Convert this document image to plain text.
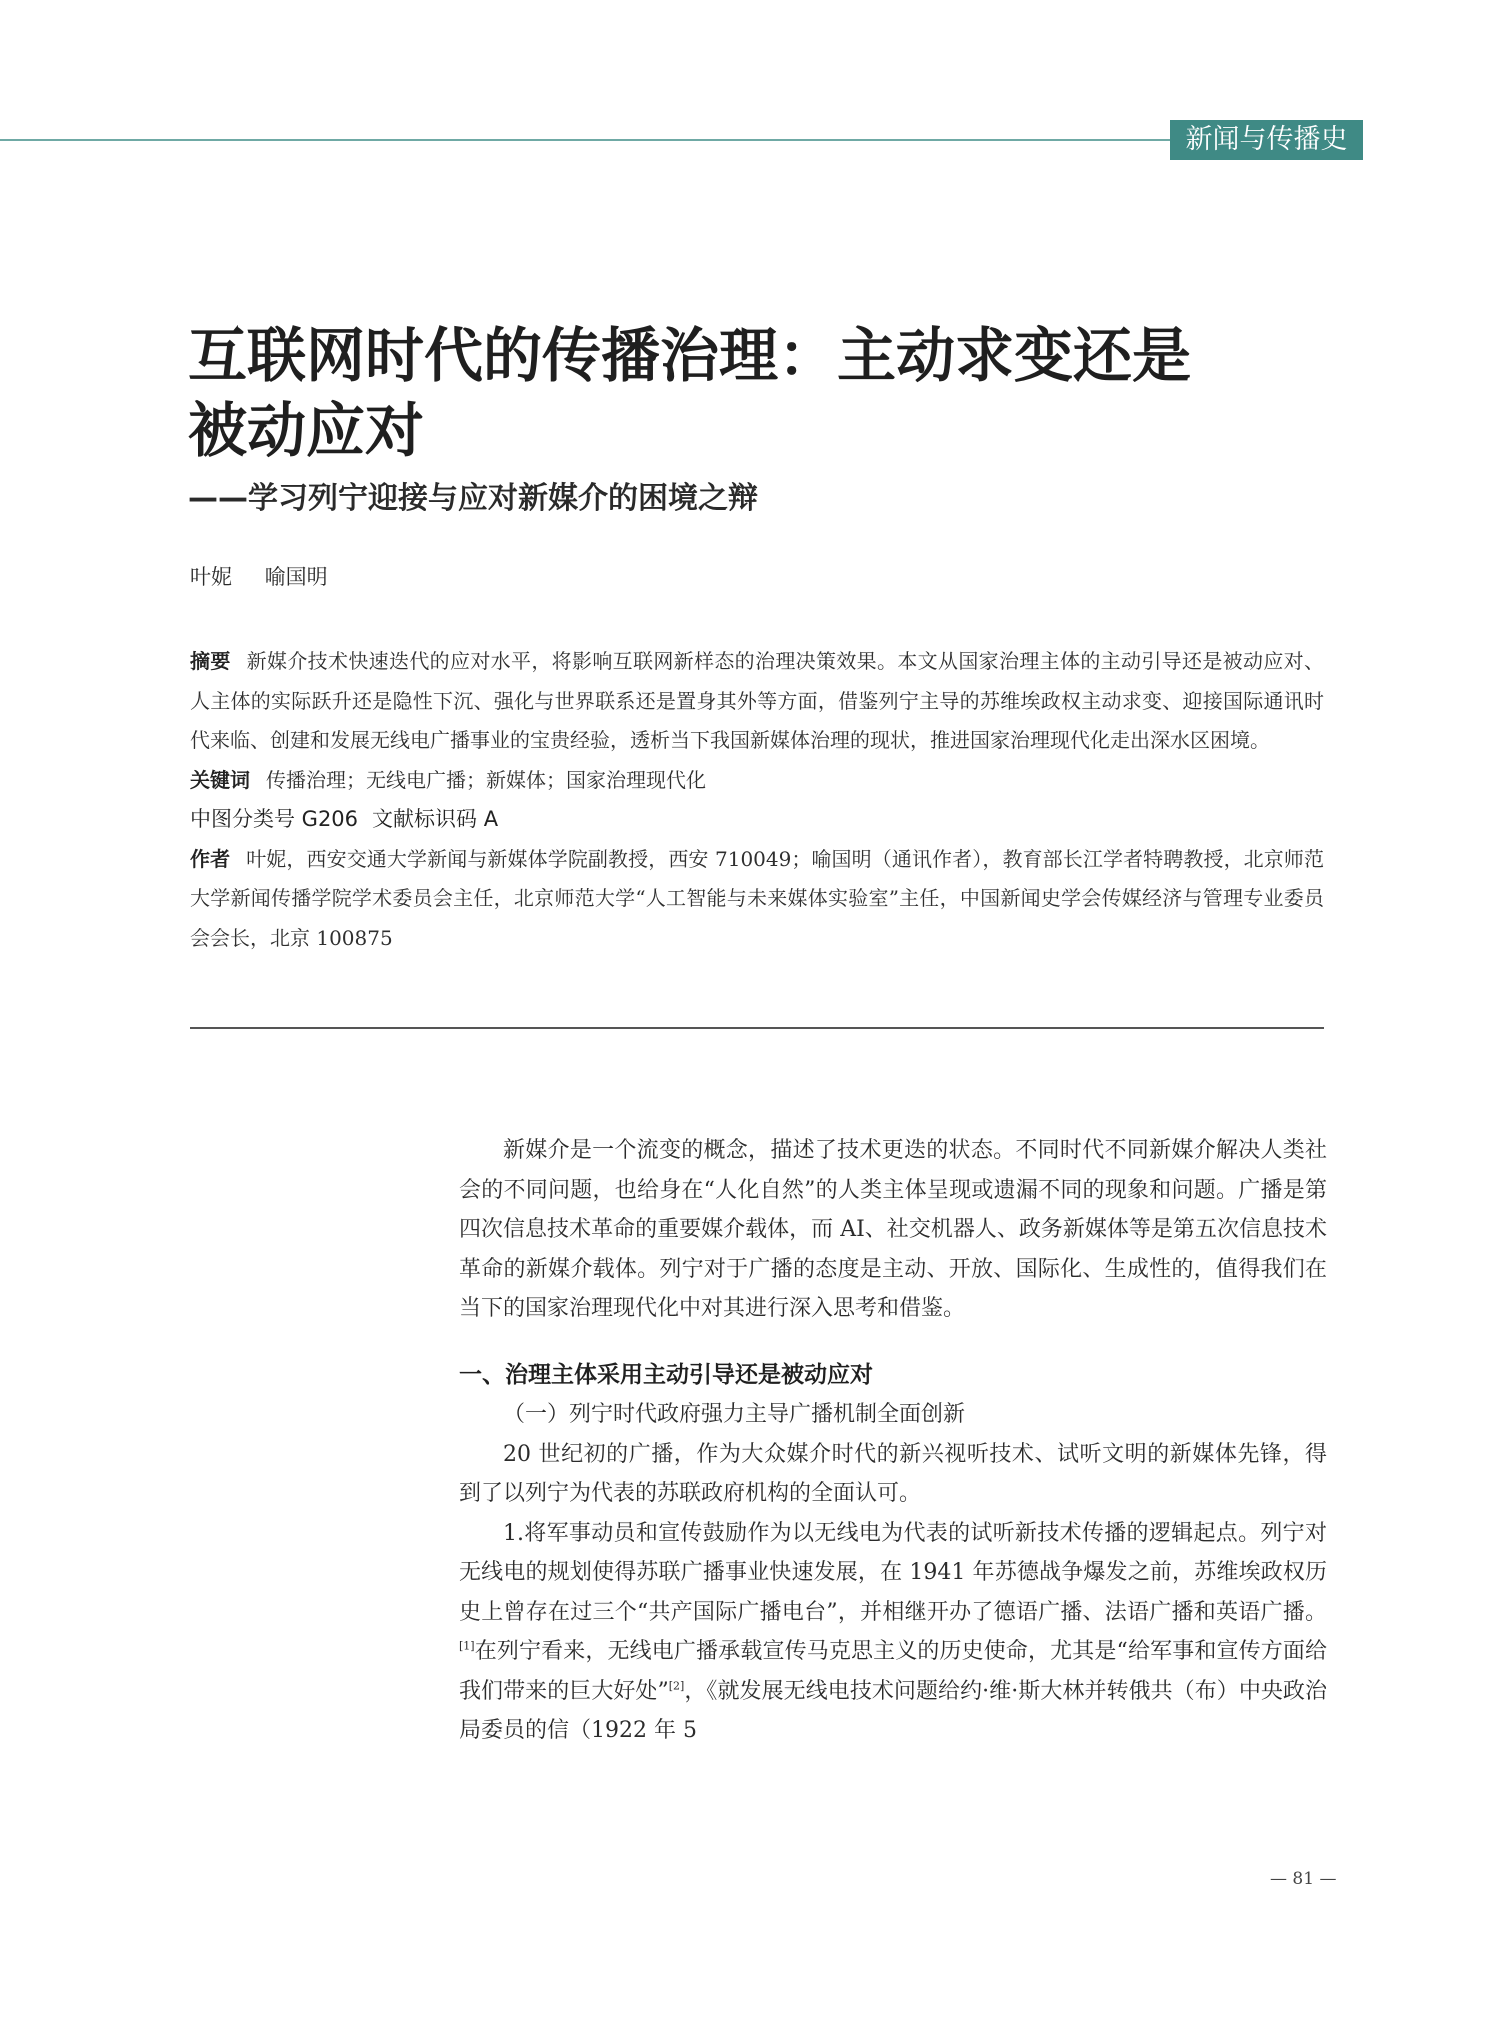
新闻与传播史
互联网时代的传播治理：主动求变还是
被动应对
——学习列宁迎接与应对新媒介的困境之辩
叶妮 喻国明

摘要 新媒介技术快速迭代的应对水平，将影响互联网新样态的治理决策效果。本文从国家治理主体的主动引导还是被动应对、人主体的实际跃升还是隐性下沉、强化与世界联系还是置身其外等方面，借鉴列宁主导的苏维埃政权主动求变、迎接国际通讯时代来临、创建和发展无线电广播事业的宝贵经验，透析当下我国新媒体治理的现状，推进国家治理现代化走出深水区困境。

关键词 传播治理；无线电广播；新媒体；国家治理现代化

中图分类号 G206 文献标识码 A

作者 叶妮，西安交通大学新闻与新媒体学院副教授，西安 710049；喻国明（通讯作者），教育部长江学者特聘教授，北京师范大学新闻传播学院学术委员会主任，北京师范大学“人工智能与未来媒体实验室”主任，中国新闻史学会传媒经济与管理专业委员会会长，北京 100875

新媒介是一个流变的概念，描述了技术更迭的状态。不同时代不同新媒介解决人类社会的不同问题，也给身在“人化自然”的人类主体呈现或遗漏不同的现象和问题。广播是第四次信息技术革命的重要媒介载体，而 AI、社交机器人、政务新媒体等是第五次信息技术革命的新媒介载体。列宁对于广播的态度是主动、开放、国际化、生成性的，值得我们在当下的国家治理现代化中对其进行深入思考和借鉴。

一、治理主体采用主动引导还是被动应对

（一）列宁时代政府强力主导广播机制全面创新

20 世纪初的广播，作为大众媒介时代的新兴视听技术、试听文明的新媒体先锋，得到了以列宁为代表的苏联政府机构的全面认可。

1.将军事动员和宣传鼓励作为以无线电为代表的试听新技术传播的逻辑起点。列宁对无线电的规划使得苏联广播事业快速发展，在 1941 年苏德战争爆发之前，苏维埃政权历史上曾存在过三个“共产国际广播电台”，并相继开办了德语广播、法语广播和英语广播。[1]在列宁看来，无线电广播承载宣传马克思主义的历史使命，尤其是“给军事和宣传方面给我们带来的巨大好处”[2]，《就发展无线电技术问题给约·维·斯大林并转俄共（布）中央政治局委员的信（1922 年 5

— 81 —
